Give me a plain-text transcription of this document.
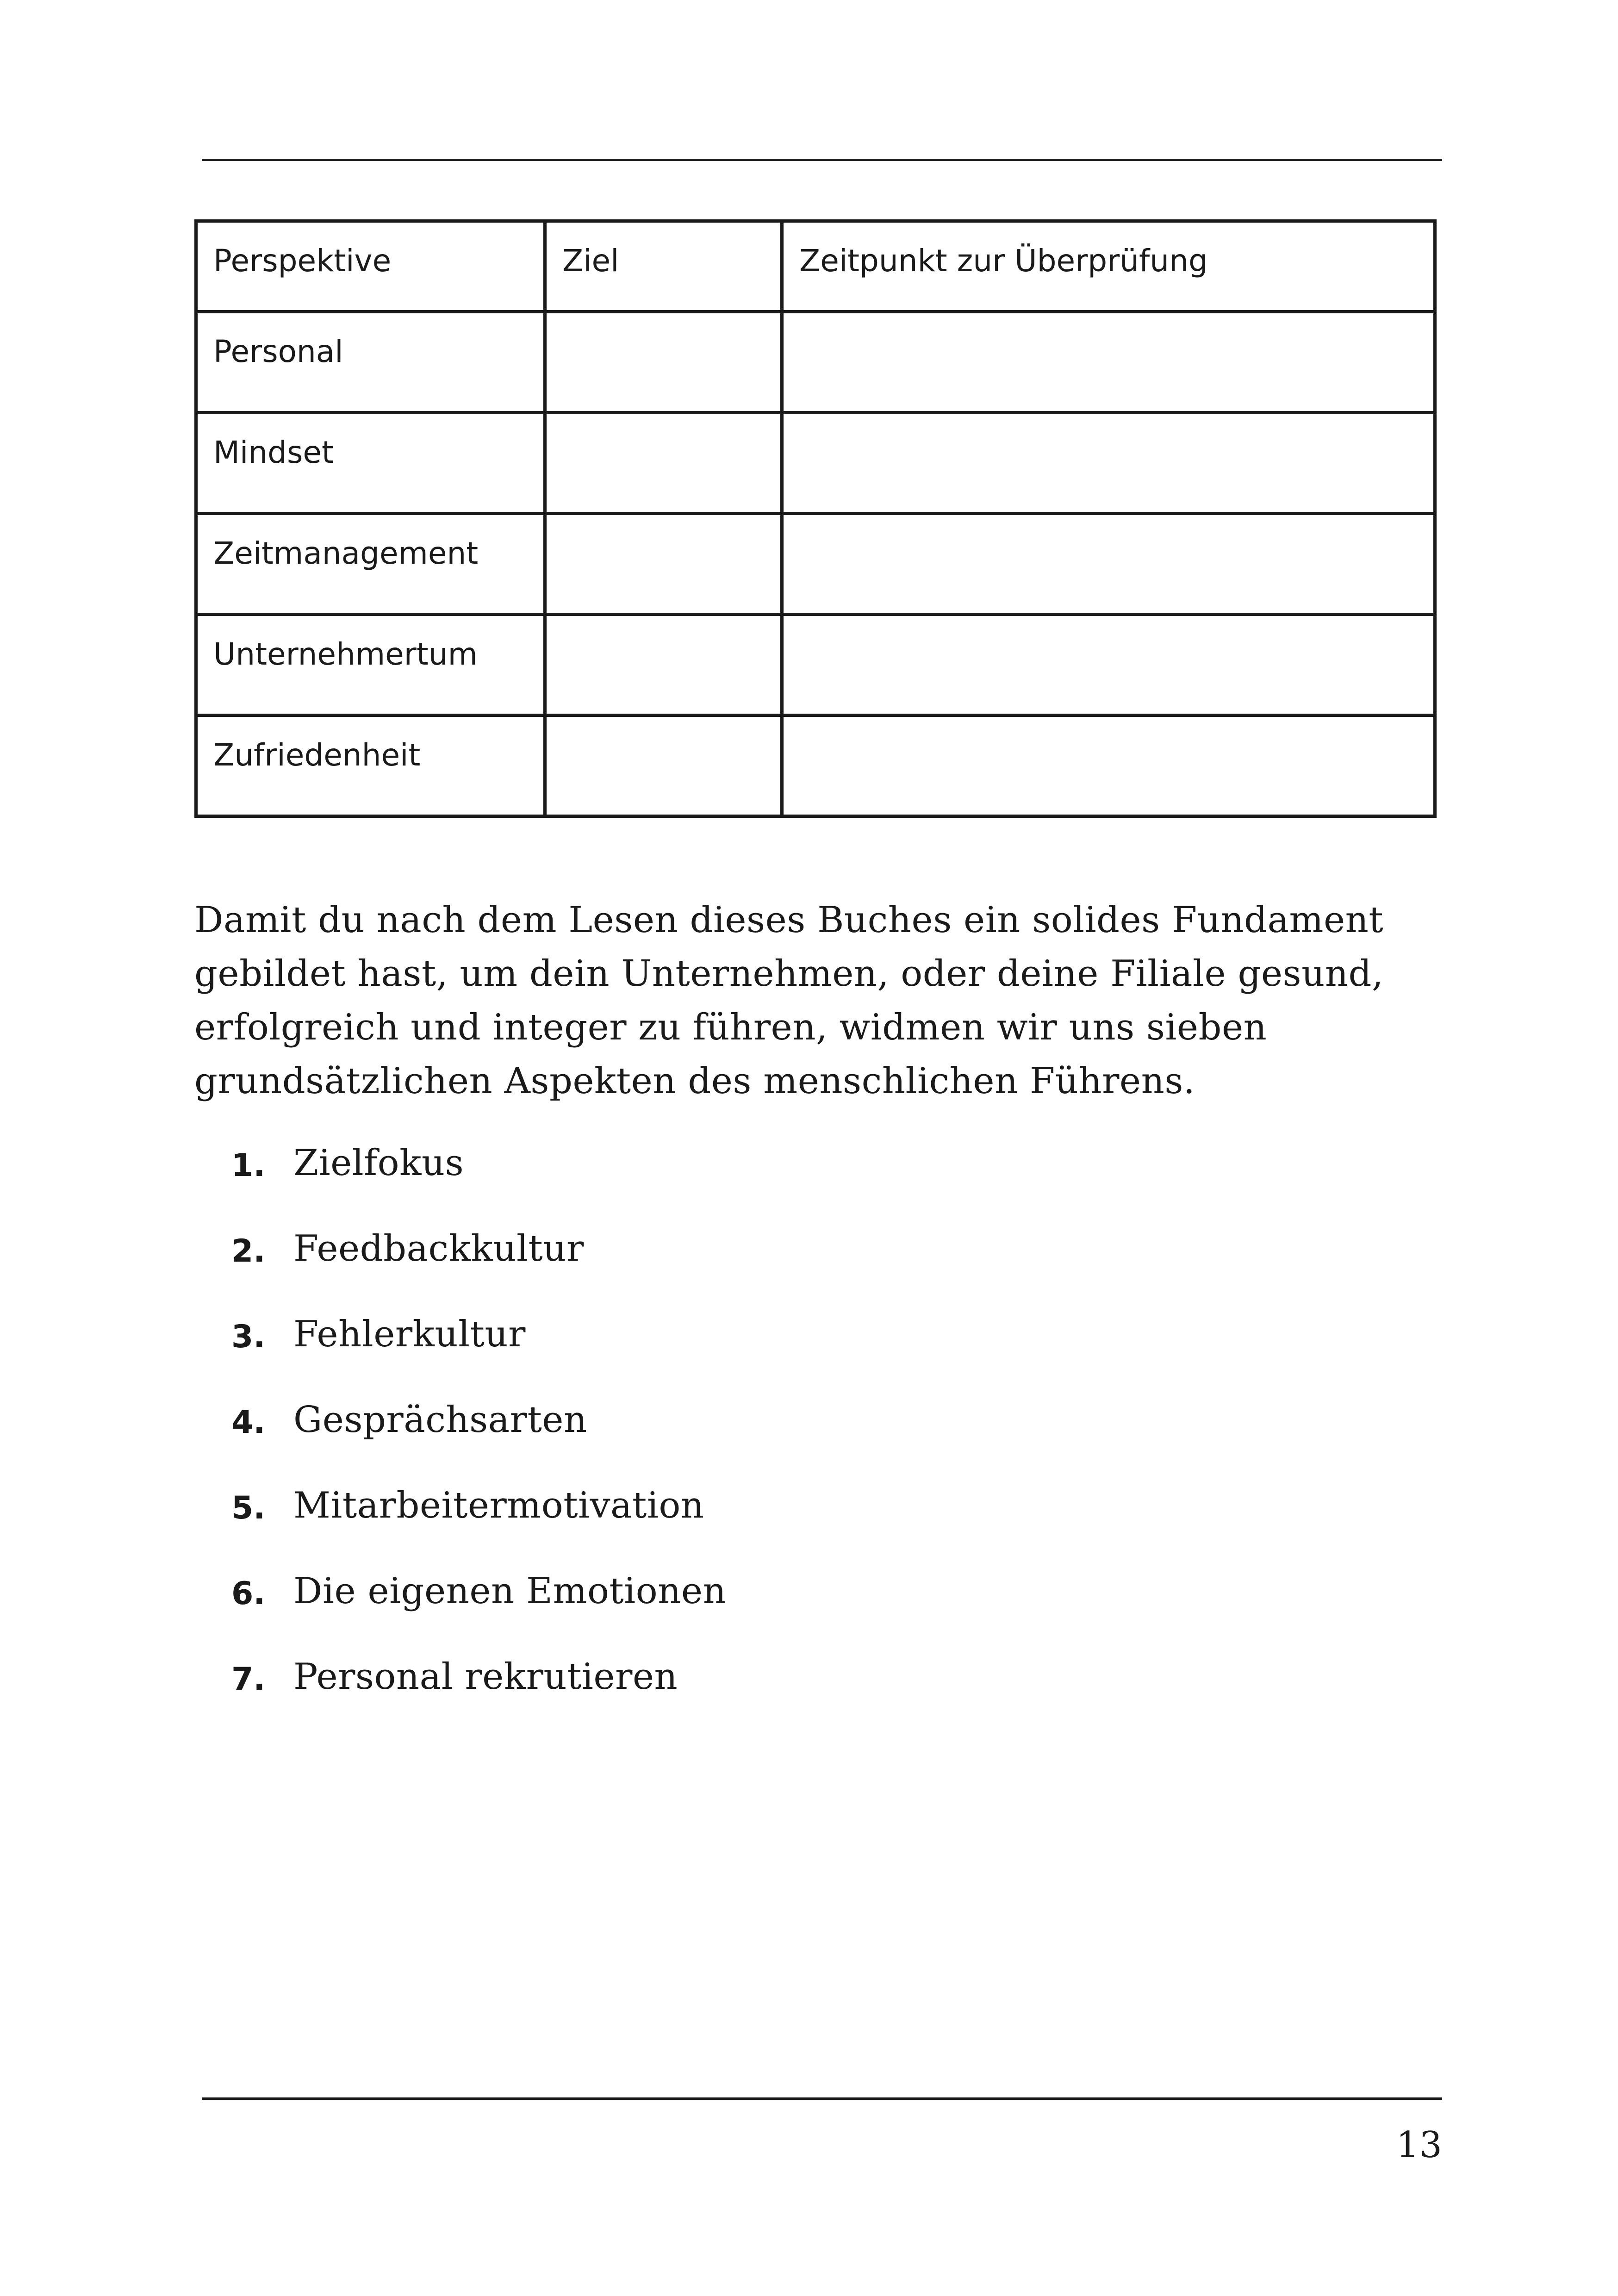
Perspektive	Ziel	Zeitpunkt zur Überprüfung
Personal		
Mindset		
Zeitmanagement		
Unternehmertum		
Zufriedenheit		

Damit du nach dem Lesen dieses Buches ein solides Fundament gebildet hast, um dein Unternehmen, oder deine Filiale gesund, erfolgreich und integer zu führen, widmen wir uns sieben grundsätzlichen Aspekten des menschlichen Führens.

1. Zielfokus
2. Feedbackkultur
3. Fehlerkultur
4. Gesprächsarten
5. Mitarbeitermotivation
6. Die eigenen Emotionen
7. Personal rekrutieren
13
